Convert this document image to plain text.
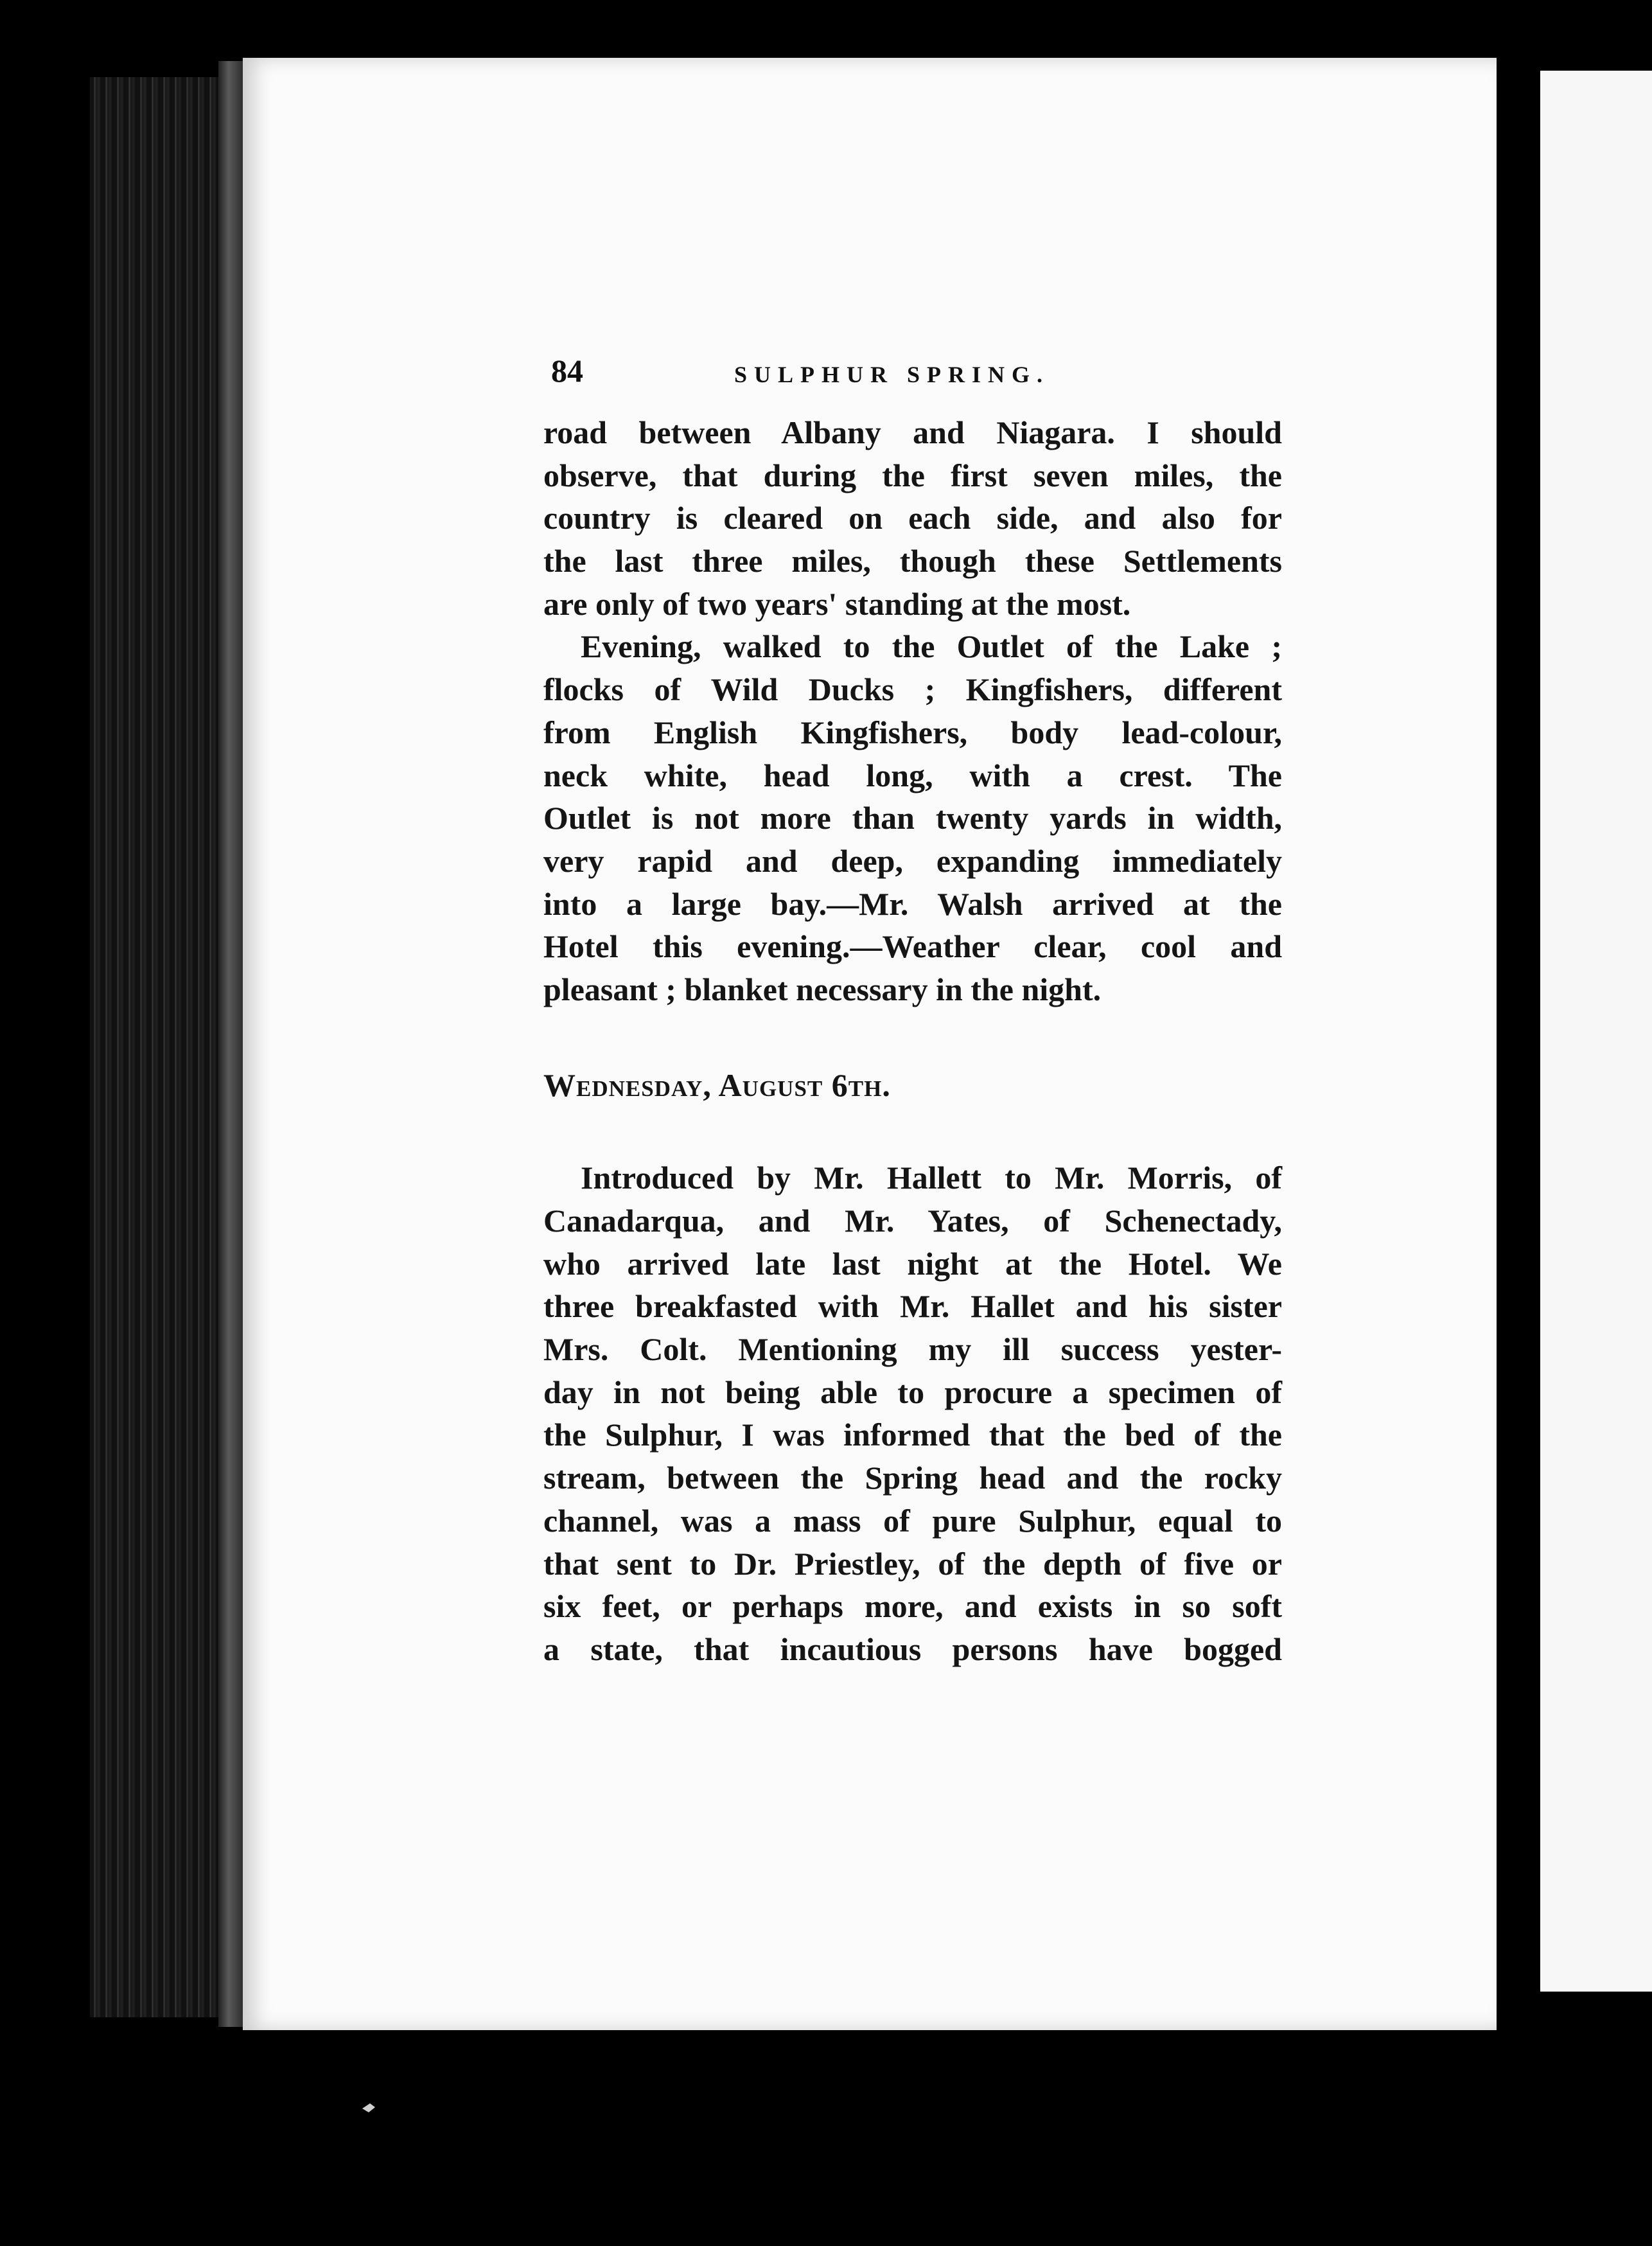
84	SULPHUR SPRING.
road between Albany and Niagara. I should
observe, that during the first seven miles, the
country is cleared on each side, and also for
the last three miles, though these Settlements
are only of two years' standing at the most.
Evening, walked to the Outlet of the Lake ;
flocks of Wild Ducks ; Kingfishers, different
from English Kingfishers, body lead-colour,
neck white, head long, with a crest. The
Outlet is not more than twenty yards in width,
very rapid and deep, expanding immediately
into a large bay.—Mr. Walsh arrived at the
Hotel this evening.—Weather clear, cool and
pleasant ; blanket necessary in the night.
Wednesday, August 6th.
Introduced by Mr. Hallett to Mr. Morris, of
Canadarqua, and Mr. Yates, of Schenectady,
who arrived late last night at the Hotel. We
three breakfasted with Mr. Hallet and his sister
Mrs. Colt. Mentioning my ill success yester-
day in not being able to procure a specimen of
the Sulphur, I was informed that the bed of the
stream, between the Spring head and the rocky
channel, was a mass of pure Sulphur, equal to
that sent to Dr. Priestley, of the depth of five or
six feet, or perhaps more, and exists in so soft
a state, that incautious persons have bogged
